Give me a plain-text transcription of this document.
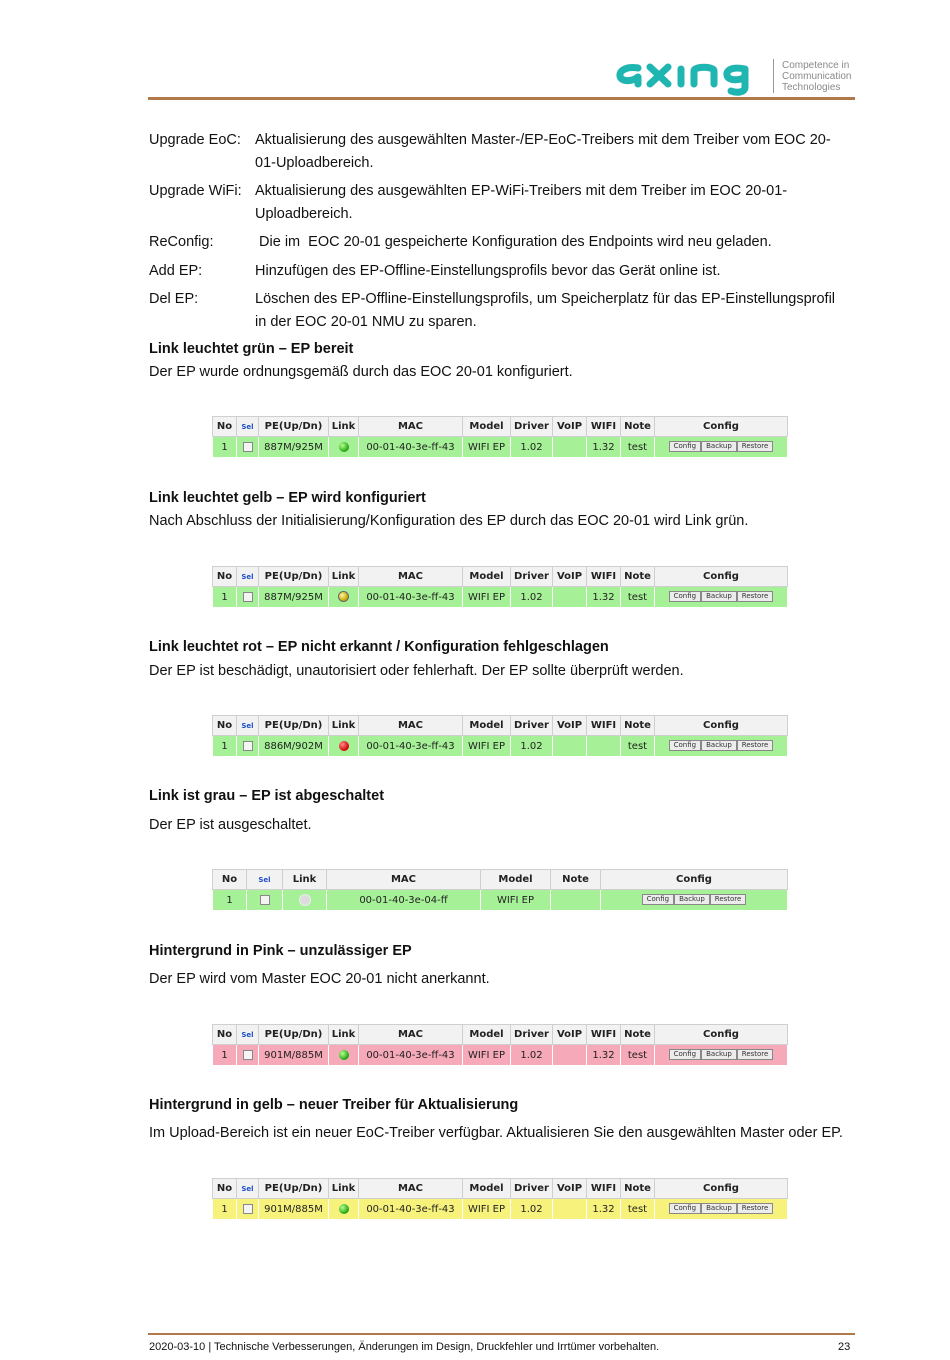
Competence in
Communication
Technologies
Upgrade EoC: Aktualisierung des ausgewählten Master-/EP-EoC-Treibers mit dem Treiber vom EOC 20-01-Uploadbereich.
Upgrade WiFi: Aktualisierung des ausgewählten EP-WiFi-Treibers mit dem Treiber im EOC 20-01-Uploadbereich.
ReConfig:	Die im  EOC 20-01 gespeicherte Konfiguration des Endpoints wird neu geladen.
Add EP:	Hinzufügen des EP-Offline-Einstellungsprofils bevor das Gerät online ist.
Del EP:	Löschen des EP-Offline-Einstellungsprofils, um Speicherplatz für das EP-Einstellungsprofil in der EOC 20-01 NMU zu sparen.
Link leuchtet grün – EP bereit
Der EP wurde ordnungsgemäß durch das EOC 20-01 konfiguriert.
No	Sel	PE(Up/Dn)	Link	MAC	Model	Driver	VoIP	WIFI	Note	Config
1		887M/925M		00-01-40-3e-ff-43	WIFI EP	1.02		1.32	test	Config Backup Restore
Link leuchtet gelb – EP wird konfiguriert
Nach Abschluss der Initialisierung/Konfiguration des EP durch das EOC 20-01 wird Link grün.
No	Sel	PE(Up/Dn)	Link	MAC	Model	Driver	VoIP	WIFI	Note	Config
1		887M/925M		00-01-40-3e-ff-43	WIFI EP	1.02		1.32	test	Config Backup Restore
Link leuchtet rot – EP nicht erkannt / Konfiguration fehlgeschlagen
Der EP ist beschädigt, unautorisiert oder fehlerhaft. Der EP sollte überprüft werden.
No	Sel	PE(Up/Dn)	Link	MAC	Model	Driver	VoIP	WIFI	Note	Config
1		886M/902M		00-01-40-3e-ff-43	WIFI EP	1.02			test	Config Backup Restore
Link ist grau – EP ist abgeschaltet
Der EP ist ausgeschaltet.
No	Sel	Link	MAC	Model	Note	Config
1			00-01-40-3e-04-ff	WIFI EP		Config Backup Restore
Hintergrund in Pink – unzulässiger EP
Der EP wird vom Master EOC 20-01 nicht anerkannt.
No	Sel	PE(Up/Dn)	Link	MAC	Model	Driver	VoIP	WIFI	Note	Config
1		901M/885M		00-01-40-3e-ff-43	WIFI EP	1.02		1.32	test	Config Backup Restore
Hintergrund in gelb – neuer Treiber für Aktualisierung
Im Upload-Bereich ist ein neuer EoC-Treiber verfügbar. Aktualisieren Sie den ausgewählten Master oder EP.
No	Sel	PE(Up/Dn)	Link	MAC	Model	Driver	VoIP	WIFI	Note	Config
1		901M/885M		00-01-40-3e-ff-43	WIFI EP	1.02		1.32	test	Config Backup Restore
2020-03-10 | Technische Verbesserungen, Änderungen im Design, Druckfehler und Irrtümer vorbehalten.	23
